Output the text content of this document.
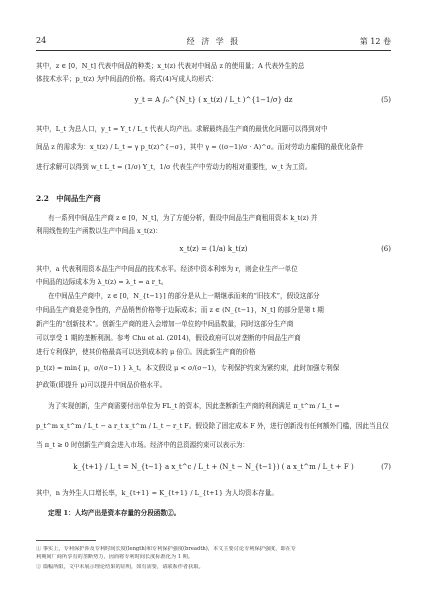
24	经 济 学 报	第 12 卷
其中，z ∈ [0，N_t] 代表中间品的种类；x_t(z) 代表对中间品 z 的使用量；A 代表外生的总
体技术水平；p_t(z) 为中间品的价格。将式(4)写成人均形式：
y_t = A ∫₀^{N_t} ( x_t(z) / L_t )^{1−1/σ} dz	(5)
其中，L_t 为总人口，y_t = Y_t / L_t 代表人均产出。求解最终品生产商的最优化问题可以得到对中
间品 z 的需求为：x_t(z) / L_t = γ p_t(z)^{−σ}，其中 γ = ((σ−1)/σ · A)^σ。而对劳动力雇佣的最优化条件
进行求解可以得到 w_t L_t = (1/σ) Y_t，1/σ 代表生产中劳动力的相对重要性，w_t 为工资。
2.2　中间品生产商
有一系列中间品生产商 z ∈ [0，N_t]，为了方便分析，假设中间品生产商租用资本 k_t(z) 并
利用线性的生产函数以生产中间品 x_t(z)：
x_t(z) = (1/a) k_t(z)	(6)
其中，a 代表利用资本品生产中间品的技术水平。经济中资本利率为 r，则企业生产一单位
中间品的边际成本为 λ_t(z) = λ_t = a r_t。
在中间品生产商中，z ∈ [0，N_{t−1}] 的部分是从上一期继承而来的“旧技术”，假设这部分
中间品生产商是竞争性的，产品销售价格等于边际成本；而 z ∈ (N_{t−1}，N_t] 的部分是第 t 期
新产生的“创新技术”。创新生产商的进入会增加一单位的中间品数量，同时这部分生产商
可以享受 1 期的垄断利润。参考 Chu et al. (2014)，假设政府可以对垄断的中间品生产商
进行专利保护，使其价格最高可以达到成本的 μ 倍①。因此新生产商的价格
p_t(z) = min{ μ，σ/(σ−1) } λ_t。本文假设 μ < σ/(σ−1)，专利保护约束为紧约束，此时加强专利保
护政策(即提升 μ)可以提升中间品价格水平。
为了实现创新，生产商需要付出单位为 FL_t 的资本，因此垄断新生产商的利润满足 π_t^m / L_t =
p_t^m x_t^m / L_t − a r_t x_t^m / L_t − r_t F。假设除了固定成本 F 外，进行创新没有任何额外门槛，因此当且仅
当 π_t ≥ 0 时创新生产商会进入市场。经济中的总资源约束可以表示为：
k_{t+1} / L_t = N_{t−1} a x_t^c / L_t + (N_t − N_{t−1}) ( a x_t^m / L_t + F )	(7)
其中，n 为外生人口增长率，k_{t+1} = K_{t+1} / L_{t+1} 为人均资本存量。
定理 1：人均产出是资本存量的分段函数②。
① 事实上，专利保护涉及专利时间长度(length)和专利保护强度(breadth)，本文主要讨论专利保护强度，即在专
利期间厂商所享有的垄断势力，因而将专利时间长度标准化为 1 期。
② 篇幅所限，文中未展示理论结果的证明，如有需要，请联系作者获取。
